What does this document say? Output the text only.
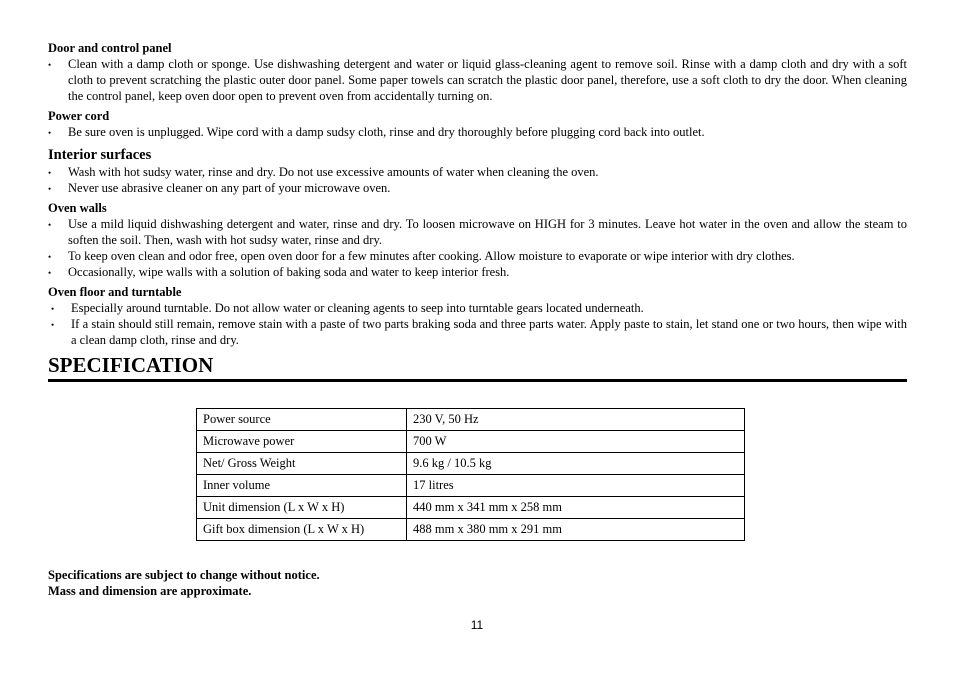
Door and control panel

• Clean with a damp cloth or sponge. Use dishwashing detergent and water or liquid glass-cleaning agent to remove soil. Rinse with a damp cloth and dry with a soft cloth to prevent scratching the plastic outer door panel. Some paper towels can scratch the plastic door panel, therefore, use a soft cloth to dry the door. When cleaning the control panel, keep oven door open to prevent oven from accidentally turning on.

Power cord

• Be sure oven is unplugged. Wipe cord with a damp sudsy cloth, rinse and dry thoroughly before plugging cord back into outlet.

Interior surfaces

• Wash with hot sudsy water, rinse and dry. Do not use excessive amounts of water when cleaning the oven.
• Never use abrasive cleaner on any part of your microwave oven.

Oven walls

• Use a mild liquid dishwashing detergent and water, rinse and dry. To loosen microwave on HIGH for 3 minutes. Leave hot water in the oven and allow the steam to soften the soil. Then, wash with hot sudsy water, rinse and dry.
• To keep oven clean and odor free, open oven door for a few minutes after cooking. Allow moisture to evaporate or wipe interior with dry clothes.
• Occasionally, wipe walls with a solution of baking soda and water to keep interior fresh.

Oven floor and turntable

• Especially around turntable. Do not allow water or cleaning agents to seep into turntable gears located underneath.
• If a stain should still remain, remove stain with a paste of two parts braking soda and three parts water. Apply paste to stain, let stand one or two hours, then wipe with a clean damp cloth, rinse and dry.
SPECIFICATION
Power source	230 V, 50 Hz
Microwave power	700 W
Net/ Gross Weight	9.6 kg / 10.5 kg
Inner volume	17 litres
Unit dimension (L x W x H)	440 mm x 341 mm x 258 mm
Gift box dimension (L x W x H)	488 mm x 380 mm x 291 mm
Specifications are subject to change without notice.
Mass and dimension are approximate.
11
